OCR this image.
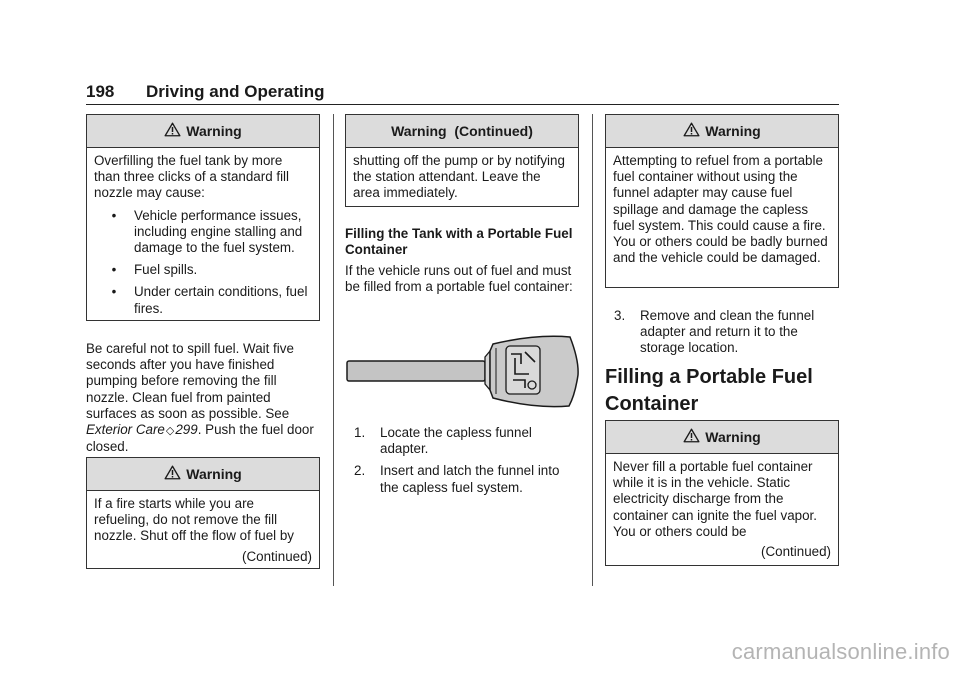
198 Driving and Operating
Warning

Overfilling the fuel tank by more than three clicks of a standard fill nozzle may cause:

•	Vehicle performance issues, including engine stalling and damage to the fuel system.
•	Fuel spills.
•	Under certain conditions, fuel fires.

Be careful not to spill fuel. Wait five seconds after you have finished pumping before removing the fill nozzle. Clean fuel from painted surfaces as soon as possible. See Exterior Care◇299. Push the fuel door closed.

Warning

If a fire starts while you are refueling, do not remove the fill nozzle. Shut off the flow of fuel by

(Continued)
Warning  (Continued)

shutting off the pump or by notifying the station attendant. Leave the area immediately.

Filling the Tank with a Portable Fuel Container

If the vehicle runs out of fuel and must be filled from a portable fuel container:

1.	Locate the capless funnel adapter.
2.	Insert and latch the funnel into the capless fuel system.
Warning

Attempting to refuel from a portable fuel container without using the funnel adapter may cause fuel spillage and damage the capless fuel system. This could cause a fire. You or others could be badly burned and the vehicle could be damaged.

3.	Remove and clean the funnel adapter and return it to the storage location.
Filling a Portable Fuel
Container
Warning

Never fill a portable fuel container while it is in the vehicle. Static electricity discharge from the container can ignite the fuel vapor. You or others could be

(Continued)
carmanualsonline.info
